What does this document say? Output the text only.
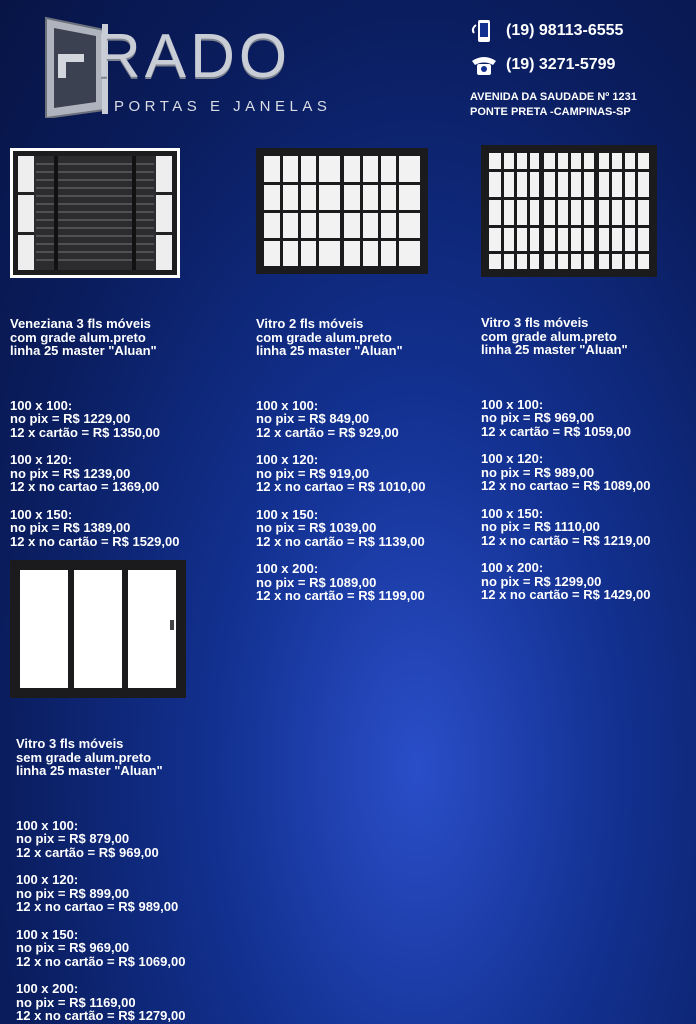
RADO
PORTAS E JANELAS
(19) 98113-6555
(19) 3271-5799
AVENIDA DA SAUDADE Nº 1231
PONTE PRETA -CAMPINAS-SP

Veneziana 3 fls móveis
com grade alum.preto
linha 25 master "Aluan"

100 x 100:
no pix = R$ 1229,00
12 x cartão = R$ 1350,00
100 x 120:
no pix = R$ 1239,00
12 x no cartao = 1369,00
100 x 150:
no pix = R$ 1389,00
12 x no cartão = R$ 1529,00

Vitro 2 fls móveis
com grade alum.preto
linha 25 master "Aluan"

100 x 100:
no pix = R$ 849,00
12 x cartão = R$ 929,00
100 x 120:
no pix = R$ 919,00
12 x no cartao = R$ 1010,00
100 x 150:
no pix = R$ 1039,00
12 x no cartão = R$ 1139,00
100 x 200:
no pix = R$ 1089,00
12 x no cartão = R$ 1199,00

Vitro 3 fls móveis
com grade alum.preto
linha 25 master "Aluan"

100 x 100:
no pix = R$ 969,00
12 x cartão = R$ 1059,00
100 x 120:
no pix = R$ 989,00
12 x no cartao = R$ 1089,00
100 x 150:
no pix = R$ 1110,00
12 x no cartão = R$ 1219,00
100 x 200:
no pix = R$ 1299,00
12 x no cartão = R$ 1429,00

Vitro 3 fls móveis
sem grade alum.preto
linha 25 master "Aluan"

100 x 100:
no pix = R$ 879,00
12 x cartão = R$ 969,00
100 x 120:
no pix = R$ 899,00
12 x no cartao = R$ 989,00
100 x 150:
no pix = R$ 969,00
12 x no cartão = R$ 1069,00
100 x 200:
no pix = R$ 1169,00
12 x no cartão = R$ 1279,00
